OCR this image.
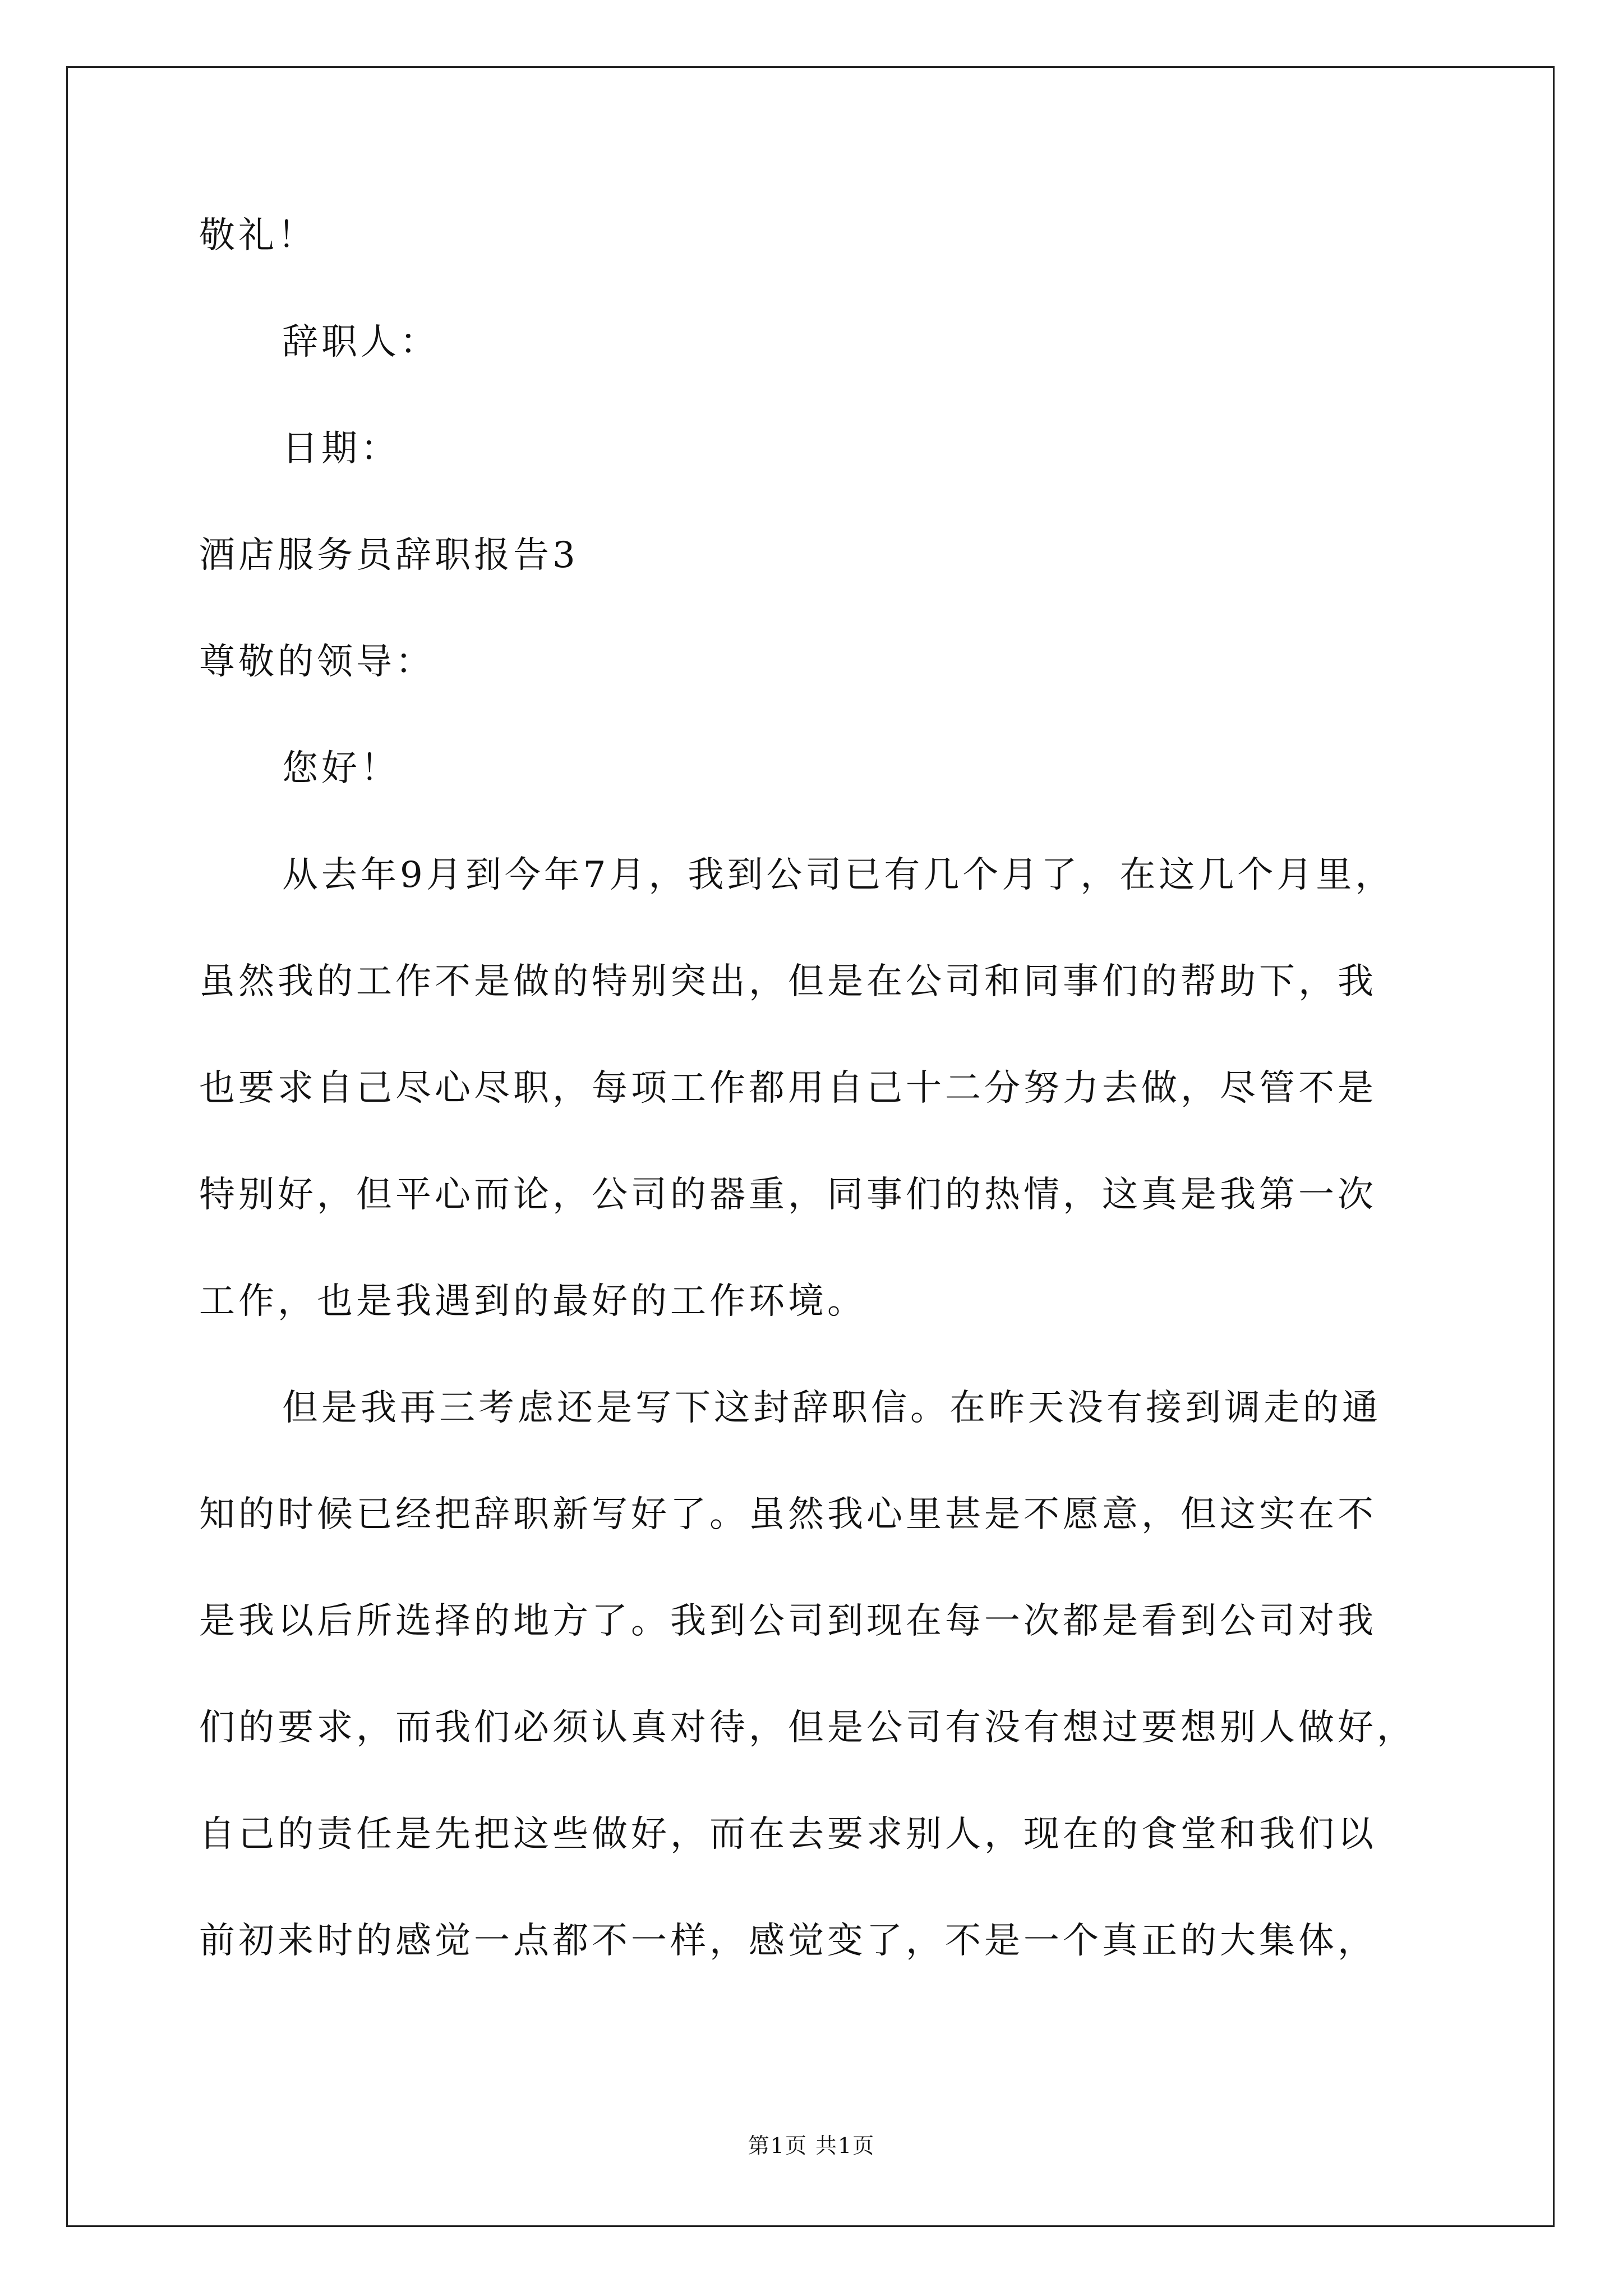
敬礼！
辞职人：
日期：
酒店服务员辞职报告3
尊敬的领导：
您好！
从去年9月到今年7月，我到公司已有几个月了，在这几个月里，
虽然我的工作不是做的特别突出，但是在公司和同事们的帮助下，我
也要求自己尽心尽职，每项工作都用自己十二分努力去做，尽管不是
特别好，但平心而论，公司的器重，同事们的热情，这真是我第一次
工作，也是我遇到的最好的工作环境。
但是我再三考虑还是写下这封辞职信。在昨天没有接到调走的通
知的时候已经把辞职新写好了。虽然我心里甚是不愿意，但这实在不
是我以后所选择的地方了。我到公司到现在每一次都是看到公司对我
们的要求，而我们必须认真对待，但是公司有没有想过要想别人做好，
自己的责任是先把这些做好，而在去要求别人，现在的食堂和我们以
前初来时的感觉一点都不一样，感觉变了，不是一个真正的大集体，
第1页 共1页
